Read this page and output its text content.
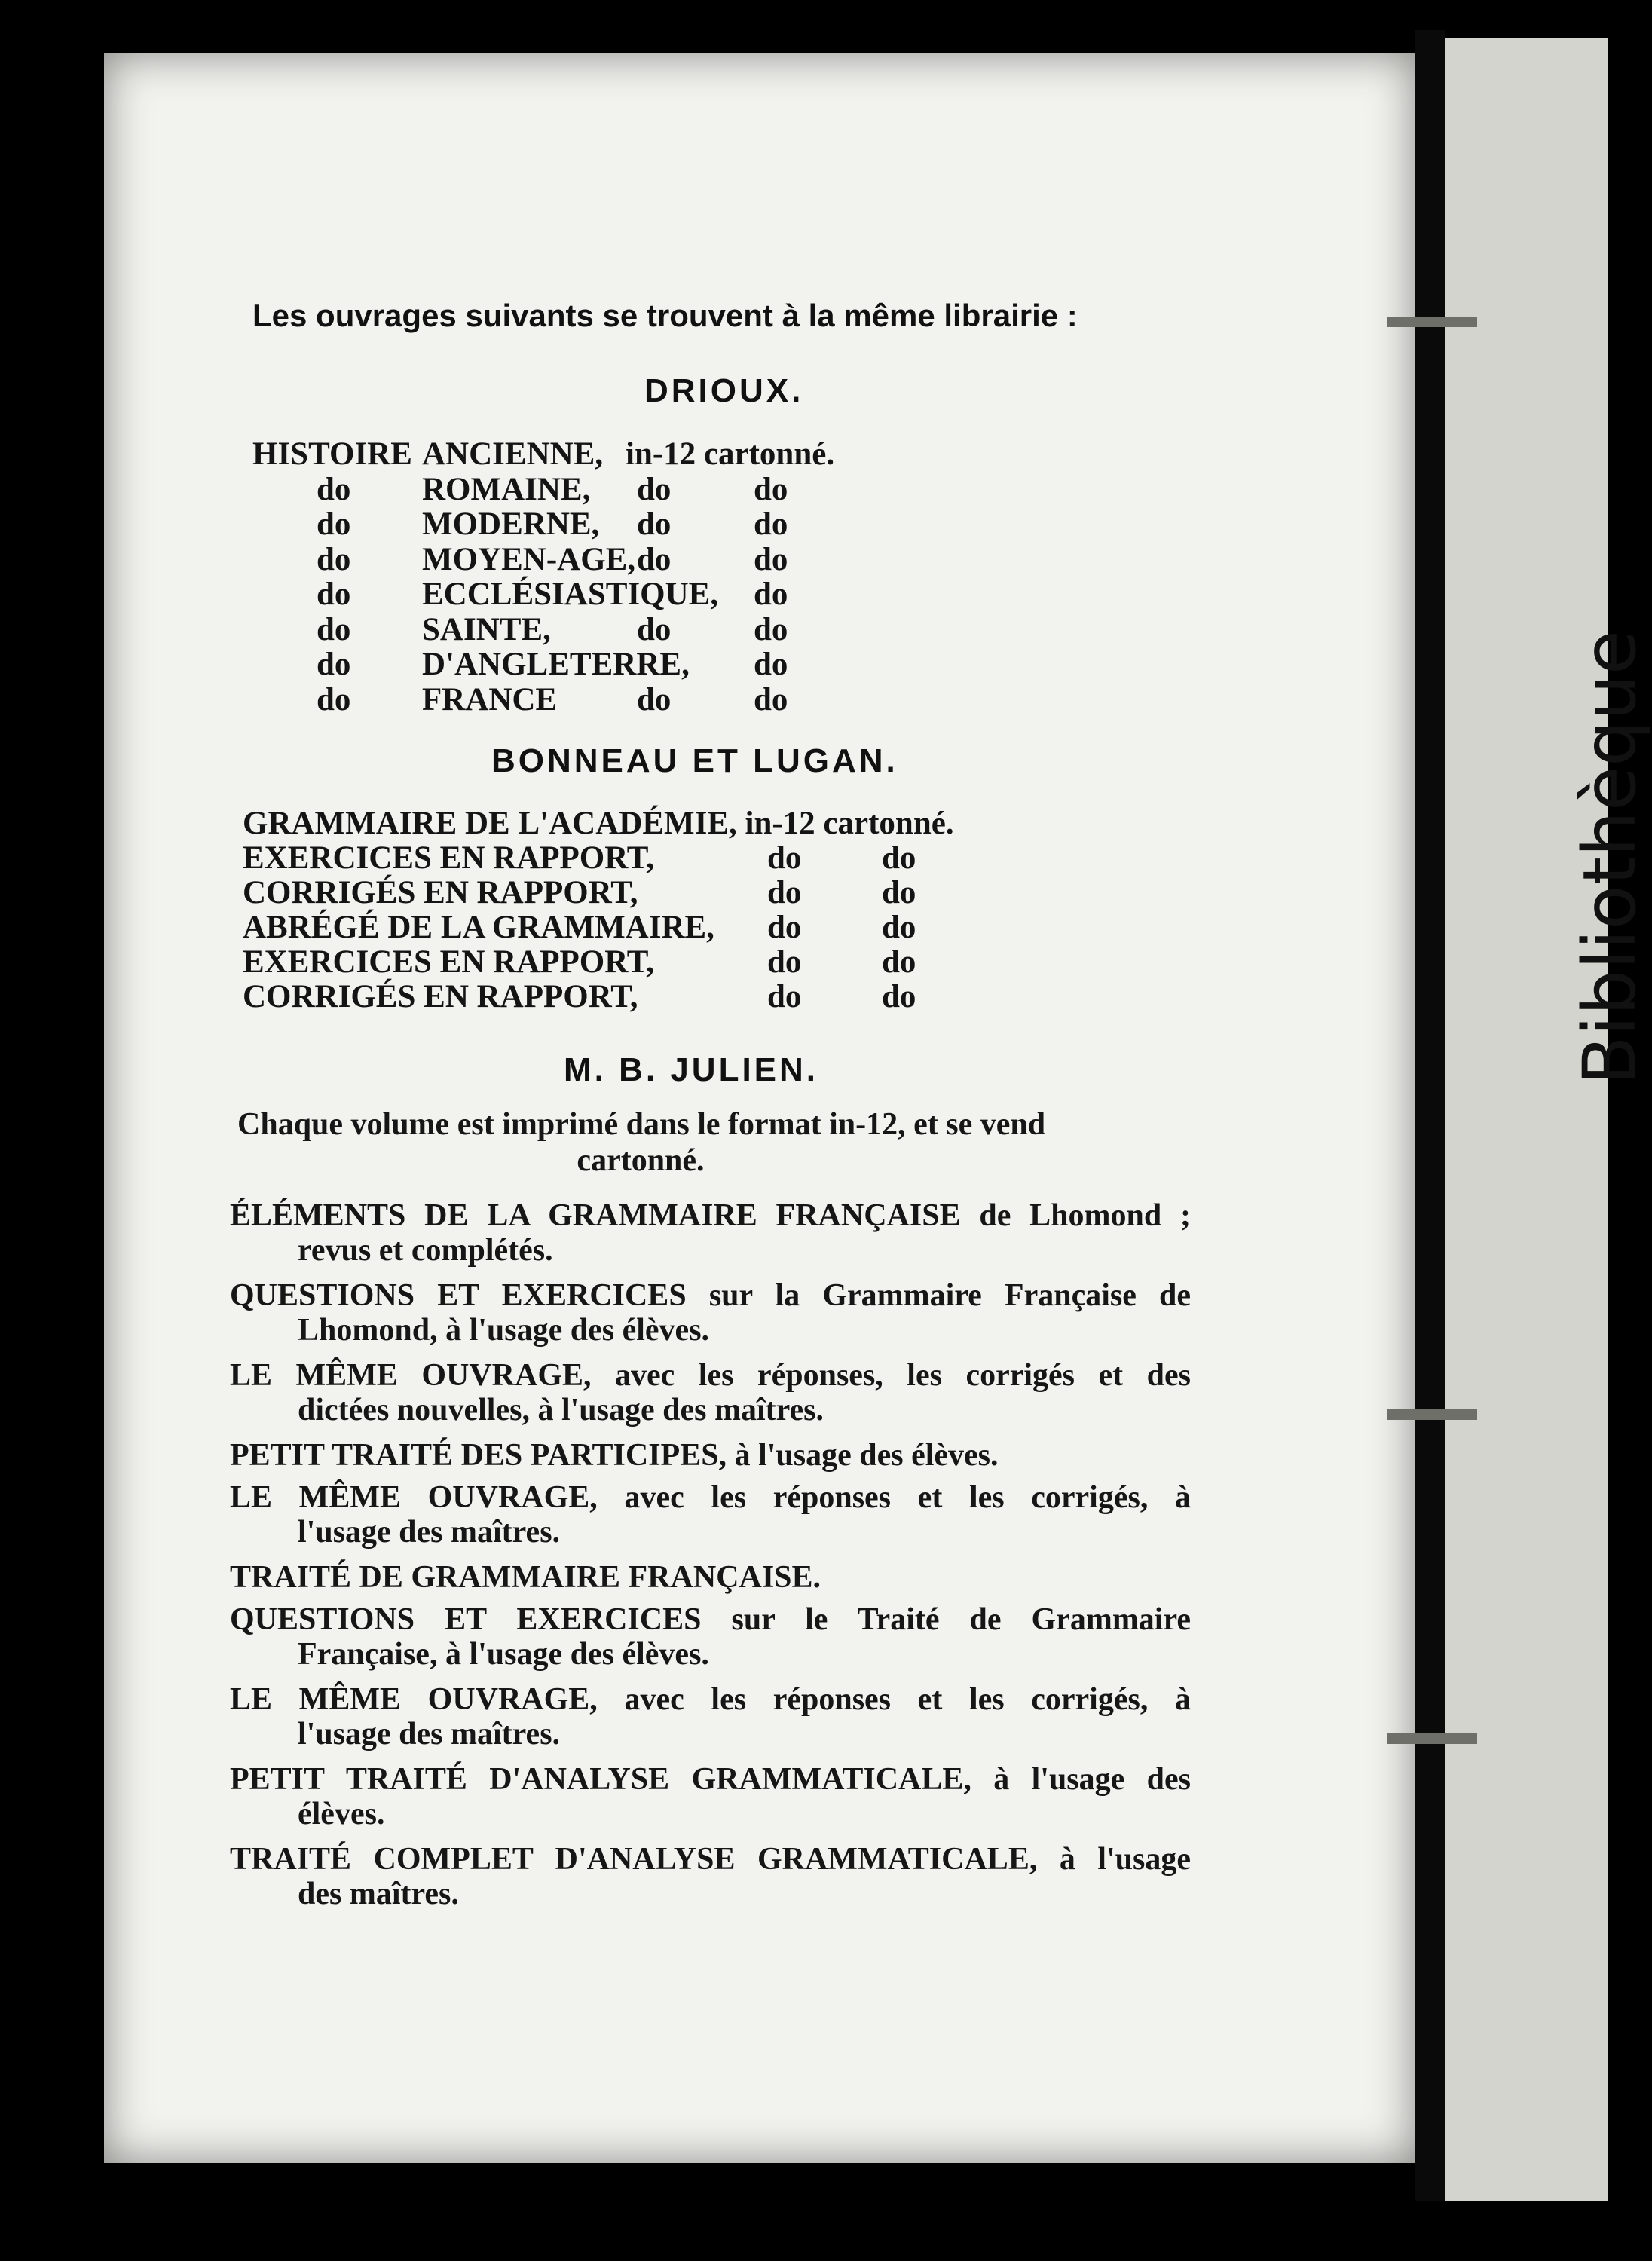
Bibliothèque
Les ouvrages suivants se trouvent à la même librairie :
DRIOUX.
HISTOIRE ANCIENNE, in-12 cartonné.
do ROMAINE, do	do
do MODERNE, do	do
do MOYEN-AGE, do	do
do ECCLÉSIASTIQUE, do
do SAINTE,	do	do
do D'ANGLETERRE, do
do FRANCE do	do
BONNEAU ET LUGAN.
GRAMMAIRE DE L'ACADÉMIE, in-12 cartonné.
EXERCICES EN RAPPORT,	do do
CORRIGÉS EN RAPPORT,	do do
ABRÉGÉ DE LA GRAMMAIRE, do do
EXERCICES EN RAPPORT,	do do
CORRIGÉS EN RAPPORT,	do do
M. B. JULIEN.
Chaque volume est imprimé dans le format in-12, et se vend
cartonné.
ÉLÉMENTS DE LA GRAMMAIRE FRANÇAISE de Lhomond ;
revus et complétés.
QUESTIONS ET EXERCICES sur la Grammaire Française de
Lhomond, à l'usage des élèves.
LE MÊME OUVRAGE, avec les réponses, les corrigés et des
dictées nouvelles, à l'usage des maîtres.
PETIT TRAITÉ DES PARTICIPES, à l'usage des élèves.
LE MÊME OUVRAGE, avec les réponses et les corrigés, à
l'usage des maîtres.
TRAITÉ DE GRAMMAIRE FRANÇAISE.
QUESTIONS ET EXERCICES sur le Traité de Grammaire
Française, à l'usage des élèves.
LE MÊME OUVRAGE, avec les réponses et les corrigés, à
l'usage des maîtres.
PETIT TRAITÉ D'ANALYSE GRAMMATICALE, à l'usage des
élèves.
TRAITÉ COMPLET D'ANALYSE GRAMMATICALE, à l'usage
des maîtres.
